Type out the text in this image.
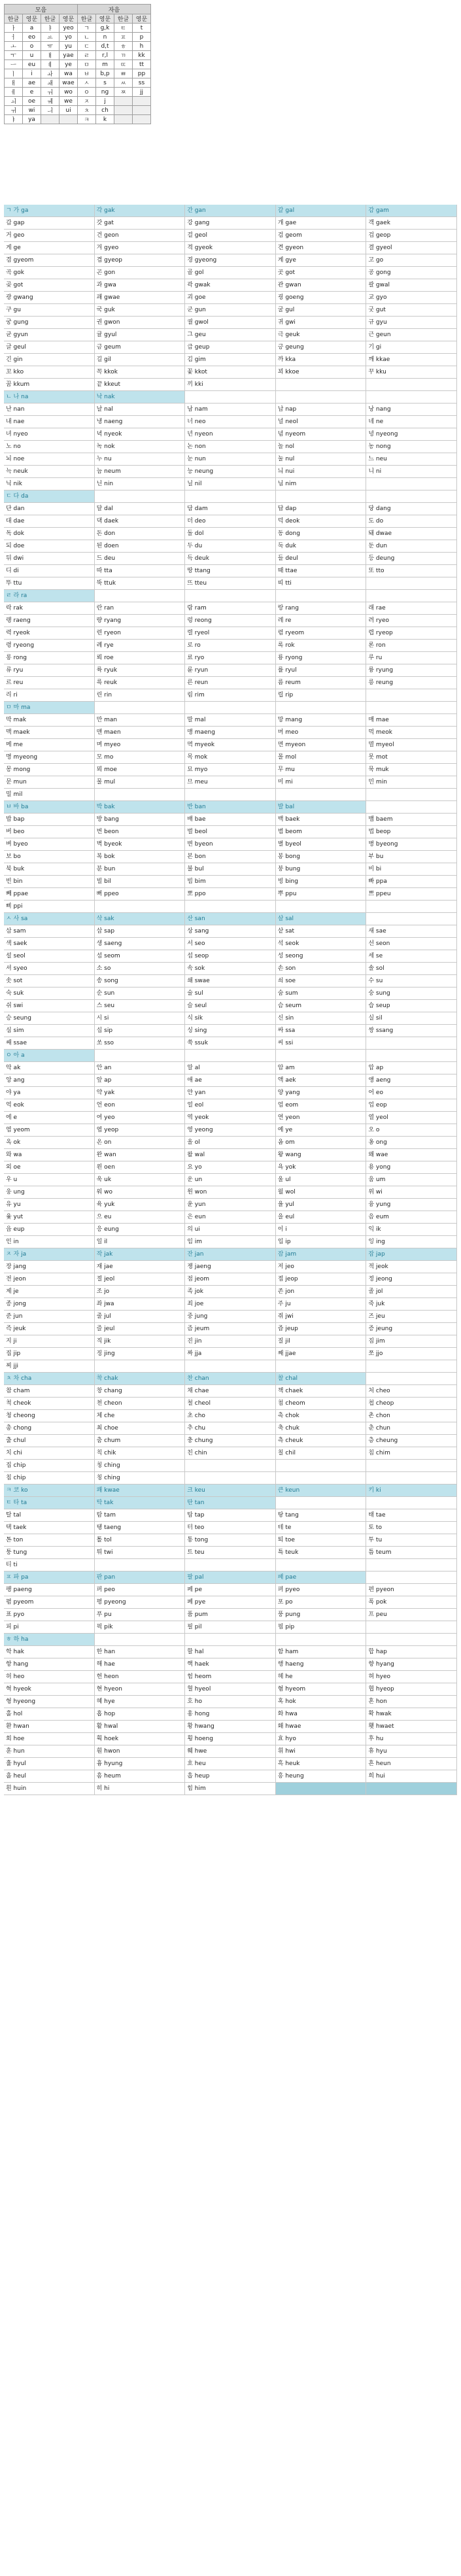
모음				자음			
한글	영문	한글	영문	한글	영문	한글	영문
ㅏ	a	ㅑ	yeo	ㄱ	g,k	ㅌ	t
ㅓ	eo	ㅛ	yo	ㄴ	n	ㅍ	p
ㅗ	o	ㅠ	yu	ㄷ	d,t	ㅎ	h
ㅜ	u	ㅒ	yae	ㄹ	r,l	ㄲ	kk
ㅡ	eu	ㅖ	ye	ㅁ	m	ㄸ	tt
ㅣ	i	ㅘ	wa	ㅂ	b,p	ㅃ	pp
ㅐ	ae	ㅙ	wae	ㅅ	s	ㅆ	ss
ㅔ	e	ㅝ	wo	ㅇ	ng	ㅉ	jj
ㅚ	oe	ㅞ	we	ㅈ	j		
ㅟ	wi	ㅢ	ui	ㅊ	ch		
ㅑ	ya			ㅋ	k		
ㄱ 가 ga	각 gak	간 gan	갈 gal	감 gam
갑 gap	갓 gat	강 gang	개 gae	객 gaek
거 geo	건 geon	걸 geol	검 geom	겁 geop
게 ge	겨 gyeo	격 gyeok	견 gyeon	결 gyeol
겸 gyeom	겹 gyeop	경 gyeong	계 gye	고 go
곡 gok	곤 gon	골 gol	곳 got	공 gong
곶 got	과 gwa	곽 gwak	관 gwan	괄 gwal
광 gwang	괘 gwae	괴 goe	굉 goeng	교 gyo
구 gu	국 guk	군 gun	굴 gul	굿 gut
궁 gung	권 gwon	궐 gwol	귀 gwi	규 gyu
균 gyun	귤 gyul	그 geu	극 geuk	근 geun
글 geul	금 geum	급 geup	긍 geung	기 gi
긴 gin	길 gil	김 gim	까 kka	깨 kkae
꼬 kko	꼭 kkok	꽃 kkot	꾀 kkoe	꾸 kku
꿈 kkum	끝 kkeut	끼 kki
ㄴ 나 na	낙 nak
난 nan	날 nal	남 nam	납 nap	낭 nang
내 nae	냉 naeng	너 neo	널 neol	네 ne
녀 nyeo	녁 nyeok	년 nyeon	념 nyeom	녕 nyeong
노 no	녹 nok	논 non	놀 nol	농 nong
뇌 noe	누 nu	눈 nun	눌 nul	느 neu
늑 neuk	늠 neum	능 neung	늬 nui	니 ni
닉 nik	닌 nin	닐 nil	님 nim
ㄷ 다 da
단 dan	달 dal	담 dam	답 dap	당 dang
대 dae	댁 daek	더 deo	덕 deok	도 do
독 dok	돈 don	돌 dol	동 dong	돼 dwae
되 doe	된 doen	두 du	둑 duk	둔 dun
뒤 dwi	드 deu	득 deuk	들 deul	등 deung
디 di	따 tta	땅 ttang	때 ttae	또 tto
뚜 ttu	뚝 ttuk	뜨 tteu	띠 tti
ㄹ 라 ra
락 rak	란 ran	람 ram	랑 rang	래 rae
랭 raeng	량 ryang	렁 reong	레 re	려 ryeo
력 ryeok	련 ryeon	렬 ryeol	렴 ryeom	렵 ryeop
령 ryeong	례 rye	로 ro	록 rok	론 ron
롱 rong	뢰 roe	료 ryo	룡 ryong	루 ru
류 ryu	륙 ryuk	륜 ryun	률 ryul	륭 ryung
르 reu	륵 reuk	른 reun	름 reum	릉 reung
리 ri	린 rin	림 rim	립 rip
ㅁ 마 ma
막 mak	만 man	말 mal	망 mang	매 mae
맥 maek	맨 maen	맹 maeng	머 meo	먹 meok
메 me	며 myeo	멱 myeok	면 myeon	멸 myeol
명 myeong	모 mo	목 mok	몰 mol	못 mot
몽 mong	뫼 moe	묘 myo	무 mu	묵 muk
문 mun	물 mul	므 meu	미 mi	민 min
밀 mil
ㅂ 바 ba	박 bak	반 ban	발 bal
밥 bap	방 bang	배 bae	백 baek	뱀 baem
버 beo	번 beon	벌 beol	범 beom	법 beop
벼 byeo	벽 byeok	변 byeon	별 byeol	병 byeong
보 bo	복 bok	본 bon	봉 bong	부 bu
북 buk	분 bun	불 bul	붕 bung	비 bi
빈 bin	빌 bil	빔 bim	빙 bing	빠 ppa
빼 ppae	뻐 ppeo	뽀 ppo	뿌 ppu	쁘 ppeu
삐 ppi
ㅅ 사 sa	삭 sak	산 san	살 sal
삼 sam	삽 sap	상 sang	샅 sat	새 sae
색 saek	생 saeng	서 seo	석 seok	선 seon
설 seol	섬 seom	섭 seop	성 seong	세 se
셔 syeo	소 so	속 sok	손 son	솔 sol
솟 sot	송 song	쇄 swae	쇠 soe	수 su
숙 suk	순 sun	술 sul	숨 sum	숭 sung
쉬 swi	스 seu	슬 seul	슴 seum	습 seup
승 seung	시 si	식 sik	신 sin	실 sil
심 sim	십 sip	싱 sing	싸 ssa	쌍 ssang
쌔 ssae	쏘 sso	쑥 ssuk	씨 ssi
ㅇ 아 a
악 ak	안 an	알 al	암 am	압 ap
앙 ang	앞 ap	애 ae	액 aek	앵 aeng
야 ya	약 yak	얀 yan	양 yang	어 eo
억 eok	언 eon	얼 eol	엄 eom	업 eop
에 e	여 yeo	역 yeok	연 yeon	열 yeol
염 yeom	엽 yeop	영 yeong	예 ye	오 o
옥 ok	온 on	올 ol	옴 om	옹 ong
와 wa	완 wan	왈 wal	왕 wang	왜 wae
외 oe	왼 oen	요 yo	욕 yok	용 yong
우 u	욱 uk	운 un	울 ul	움 um
웅 ung	워 wo	원 won	월 wol	위 wi
유 yu	육 yuk	윤 yun	율 yul	융 yung
윷 yut	으 eu	은 eun	을 eul	음 eum
읍 eup	응 eung	의 ui	이 i	익 ik
인 in	일 il	임 im	입 ip	잉 ing
ㅈ 자 ja	작 jak	잔 jan	잠 jam	잡 jap
장 jang	재 jae	쟁 jaeng	저 jeo	적 jeok
전 jeon	절 jeol	점 jeom	접 jeop	정 jeong
제 je	조 jo	족 jok	존 jon	졸 jol
종 jong	좌 jwa	죄 joe	주 ju	죽 juk
준 jun	줄 jul	중 jung	쥐 jwi	즈 jeu
즉 jeuk	즐 jeul	즘 jeum	즙 jeup	증 jeung
지 ji	직 jik	진 jin	질 jil	짐 jim
집 jip	징 jing	짜 jja	째 jjae	쪼 jjo
찌 jji
ㅊ 차 cha	착 chak	찬 chan	찰 chal
참 cham	창 chang	채 chae	책 chaek	처 cheo
척 cheok	천 cheon	철 cheol	첨 cheom	첩 cheop
청 cheong	체 che	초 cho	촉 chok	촌 chon
총 chong	최 choe	추 chu	축 chuk	춘 chun
출 chul	춤 chum	충 chung	측 cheuk	층 cheung
치 chi	칙 chik	친 chin	칠 chil	침 chim
집 chip	칭 ching
칩 chip	칭 ching
ㅋ 코 ko	쾌 kwae	크 keu	큰 keun	키 ki
ㅌ 타 ta	탁 tak	탄 tan
탈 tal	탐 tam	탑 tap	탕 tang	태 tae
택 taek	탱 taeng	터 teo	테 te	토 to
톤 ton	톨 tol	통 tong	퇴 toe	투 tu
퉁 tung	튀 twi	트 teu	특 teuk	틈 teum
티 ti
ㅍ 파 pa	판 pan	팔 pal	패 pae
팽 paeng	퍼 peo	페 pe	펴 pyeo	편 pyeon
폄 pyeom	평 pyeong	폐 pye	포 po	폭 pok
표 pyo	푸 pu	품 pum	풍 pung	프 peu
피 pi	픽 pik	필 pil	핍 pip
ㅎ 하 ha
학 hak	한 han	할 hal	함 ham	합 hap
항 hang	해 hae	핵 haek	행 haeng	향 hyang
허 heo	헌 heon	험 heom	헤 he	혀 hyeo
혁 hyeok	현 hyeon	혈 hyeol	혐 hyeom	협 hyeop
형 hyeong	혜 hye	호 ho	혹 hok	혼 hon
홀 hol	홉 hop	홍 hong	화 hwa	확 hwak
환 hwan	활 hwal	황 hwang	홰 hwae	횃 hwaet
회 hoe	획 hoek	횡 hoeng	효 hyo	후 hu
훈 hun	훤 hwon	훼 hwe	휘 hwi	휴 hyu
휼 hyul	흉 hyung	흐 heu	흑 heuk	흔 heun
흘 heul	흠 heum	흡 heup	흥 heung	희 hui
흰 huin	히 hi	힘 him
